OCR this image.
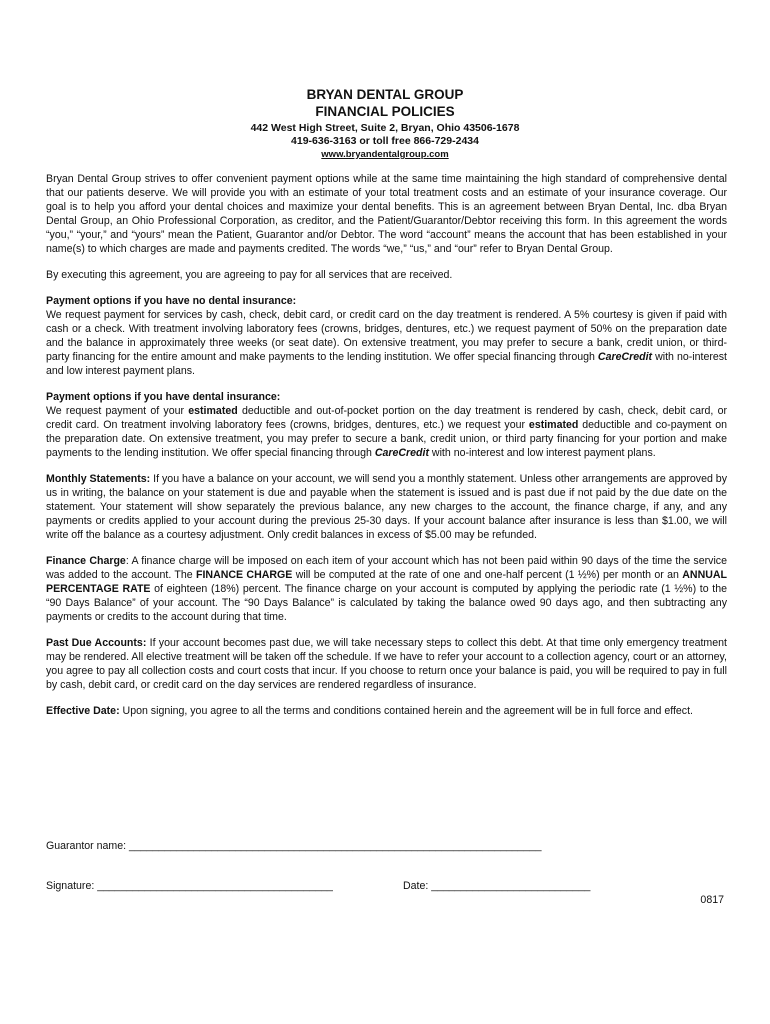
BRYAN DENTAL GROUP
FINANCIAL POLICIES
442 West High Street, Suite 2, Bryan, Ohio 43506-1678
419-636-3163 or toll free 866-729-2434
www.bryandentalgroup.com

Bryan Dental Group strives to offer convenient payment options while at the same time maintaining the high standard of comprehensive dental that our patients deserve. We will provide you with an estimate of your total treatment costs and an estimate of your insurance coverage. Our goal is to help you afford your dental choices and maximize your dental benefits. This is an agreement between Bryan Dental, Inc. dba Bryan Dental Group, an Ohio Professional Corporation, as creditor, and the Patient/Guarantor/Debtor receiving this form. In this agreement the words “you,” “your,” and “yours” mean the Patient, Guarantor and/or Debtor. The word “account” means the account that has been established in your name(s) to which charges are made and payments credited. The words “we,” “us,” and “our” refer to Bryan Dental Group.

By executing this agreement, you are agreeing to pay for all services that are received.

Payment options if you have no dental insurance:
We request payment for services by cash, check, debit card, or credit card on the day treatment is rendered. A 5% courtesy is given if paid with cash or a check. With treatment involving laboratory fees (crowns, bridges, dentures, etc.) we request payment of 50% on the preparation date and the balance in approximately three weeks (or seat date). On extensive treatment, you may prefer to secure a bank, credit union, or third-party financing for the entire amount and make payments to the lending institution. We offer special financing through CareCredit with no-interest and low interest payment plans.

Payment options if you have dental insurance:
We request payment of your estimated deductible and out-of-pocket portion on the day treatment is rendered by cash, check, debit card, or credit card. On treatment involving laboratory fees (crowns, bridges, dentures, etc.) we request your estimated deductible and co-payment on the preparation date. On extensive treatment, you may prefer to secure a bank, credit union, or third party financing for your portion and make payments to the lending institution. We offer special financing through CareCredit with no-interest and low interest payment plans.

Monthly Statements: If you have a balance on your account, we will send you a monthly statement. Unless other arrangements are approved by us in writing, the balance on your statement is due and payable when the statement is issued and is past due if not paid by the due date on the statement. Your statement will show separately the previous balance, any new charges to the account, the finance charge, if any, and any payments or credits applied to your account during the previous 25-30 days. If your account balance after insurance is less than $1.00, we will write off the balance as a courtesy adjustment. Only credit balances in excess of $5.00 may be refunded.

Finance Charge: A finance charge will be imposed on each item of your account which has not been paid within 90 days of the time the service was added to the account. The FINANCE CHARGE will be computed at the rate of one and one-half percent (1 ½%) per month or an ANNUAL PERCENTAGE RATE of eighteen (18%) percent. The finance charge on your account is computed by applying the periodic rate (1 ½%) to the “90 Days Balance” of your account. The “90 Days Balance” is calculated by taking the balance owed 90 days ago, and then subtracting any payments or credits to the account during that time.

Past Due Accounts: If your account becomes past due, we will take necessary steps to collect this debt. At that time only emergency treatment may be rendered. All elective treatment will be taken off the schedule. If we have to refer your account to a collection agency, court or an attorney, you agree to pay all collection costs and court costs that incur. If you choose to return once your balance is paid, you will be required to pay in full by cash, debit card, or credit card on the day services are rendered regardless of insurance.

Effective Date: Upon signing, you agree to all the terms and conditions contained herein and the agreement will be in full force and effect.

Guarantor name: ______________________________________________________________________
Signature: ________________________________________	Date: ___________________________
0817
